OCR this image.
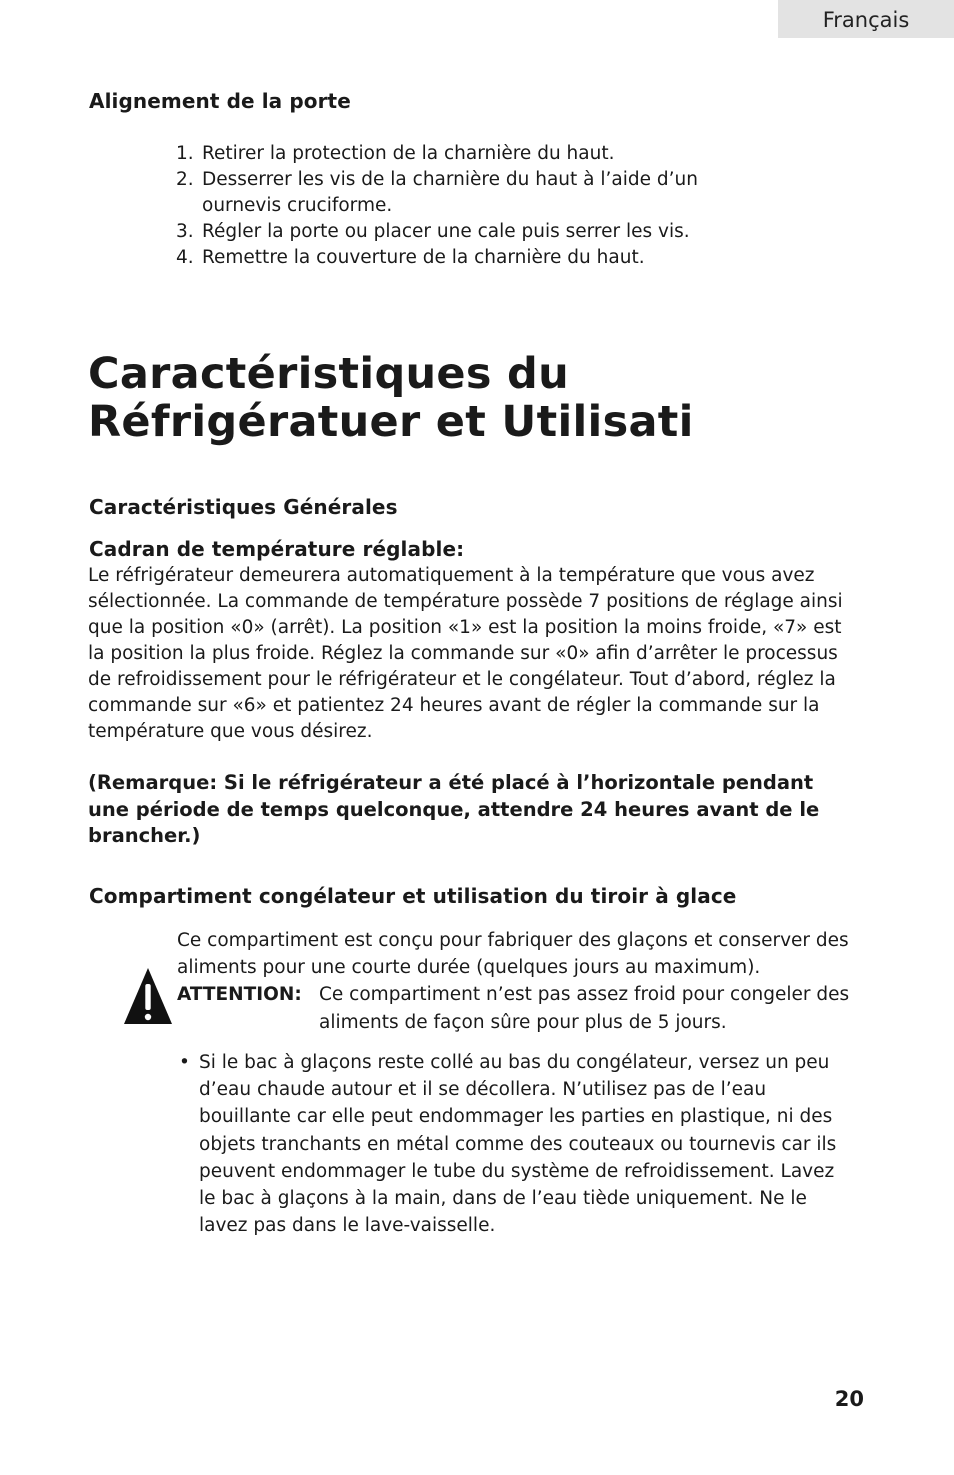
Français
Alignement de la porte
1. Retirer la protection de la charnière du haut.
2. Desserrer les vis de la charnière du haut à l’aide d’un ournevis cruciforme.
3. Régler la porte ou placer une cale puis serrer les vis.
4. Remettre la couverture de la charnière du haut.
Caractéristiques du Réfrigératuer et Utilisati
Caractéristiques Générales
Cadran de température réglable:

Le réfrigérateur demeurera automatiquement à la température que vous avez sélectionnée. La commande de température possède 7 positions de réglage ainsi que la position «0» (arrêt). La position «1» est la position la moins froide, «7» est la position la plus froide. Réglez la commande sur «0» afin d’arrêter le processus de refroidissement pour le réfrigérateur et le congélateur. Tout d’abord, réglez la commande sur «6» et patientez 24 heures avant de régler la commande sur la température que vous désirez.

(Remarque: Si le réfrigérateur a été placé à l’horizontale pendant une période de temps quelconque, attendre 24 heures avant de le brancher.)

Compartiment congélateur et utilisation du tiroir à glace

Ce compartiment est conçu pour fabriquer des glaçons et conserver des aliments pour une courte durée (quelques jours au maximum).

ATTENTION: Ce compartiment n’est pas assez froid pour congeler des aliments de façon sûre pour plus de 5 jours.
• Si le bac à glaçons reste collé au bas du congélateur, versez un peu d’eau chaude autour et il se décollera. N’utilisez pas de l’eau bouillante car elle peut endommager les parties en plastique, ni des objets tranchants en métal comme des couteaux ou tournevis car ils peuvent endommager le tube du système de refroidissement. Lavez le bac à glaçons à la main, dans de l’eau tiède uniquement. Ne le lavez pas dans le lave-vaisselle.

20
